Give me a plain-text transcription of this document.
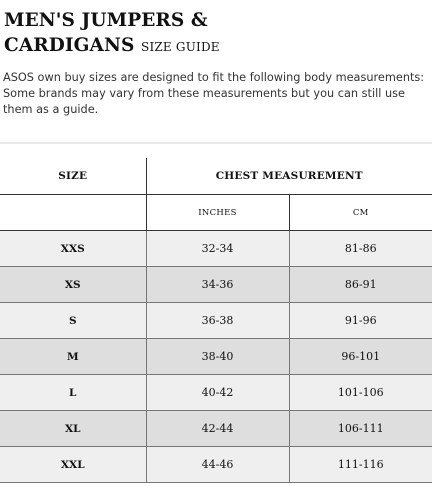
MEN'S JUMPERS &
CARDIGANS SIZE GUIDE

ASOS own buy sizes are designed to fit the following body measurements:

Some brands may vary from these measurements but you can still use

them as a guide.

SIZE	CHEST MEASUREMENT	
	INCHES	CM
XXS	32-34	81-86
XS	34-36	86-91
S	36-38	91-96
M	38-40	96-101
L	40-42	101-106
XL	42-44	106-111
XXL	44-46	111-116
